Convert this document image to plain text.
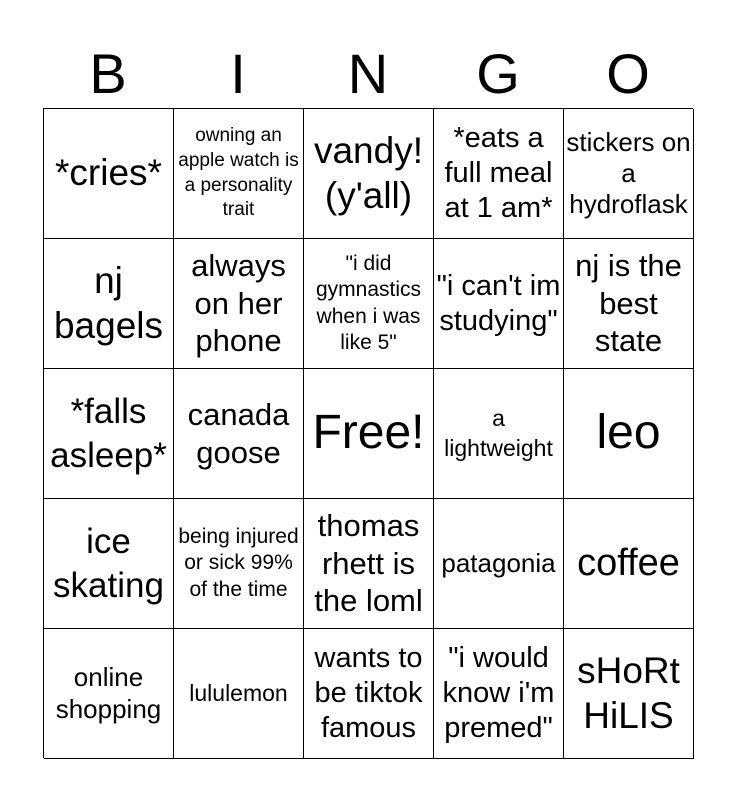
B	I	N	G	O
*cries*
owning an apple watch is a personality trait
vandy! (y'all)
*eats a full meal at 1 am*
stickers on a hydroflask
nj bagels
always on her phone
"i did gymnastics when i was like 5"
"i can't im studying"
nj is the best state
*falls asleep*
canada goose Free!	a lightweight leo
ice skating
being injured or sick 99% of the time
thomas rhett is the loml
patagonia coffee
online shopping
lululemon
wants to be tiktok famous
"i would know i'm premed"
sHoRt HiLIS
